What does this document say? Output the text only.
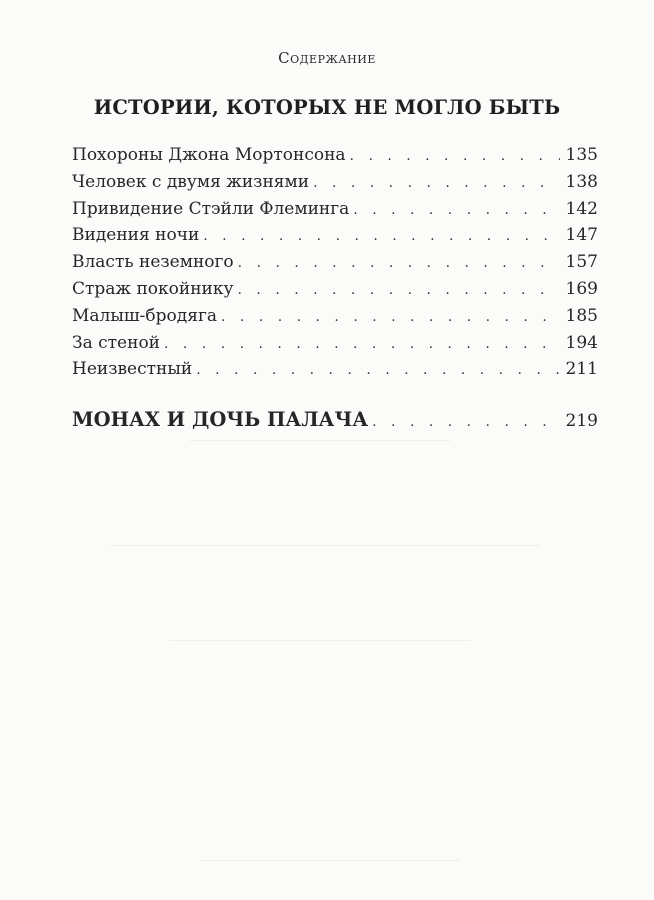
Содержание
ИСТОРИИ, КОТОРЫХ НЕ МОГЛО БЫТЬ
Похороны Джона Мортонсона . . .	135
Человек с двумя жизнями . . .	138
Привидение Стэйли Флеминга . . .	142
Видения ночи . . .	147
Власть неземного . . .	157
Страж покойнику . . .	169
Малыш-бродяга . . .	185
За стеной . . .	194
Неизвестный . . .	211
МОНАХ И ДОЧЬ ПАЛАЧА . . .	219
